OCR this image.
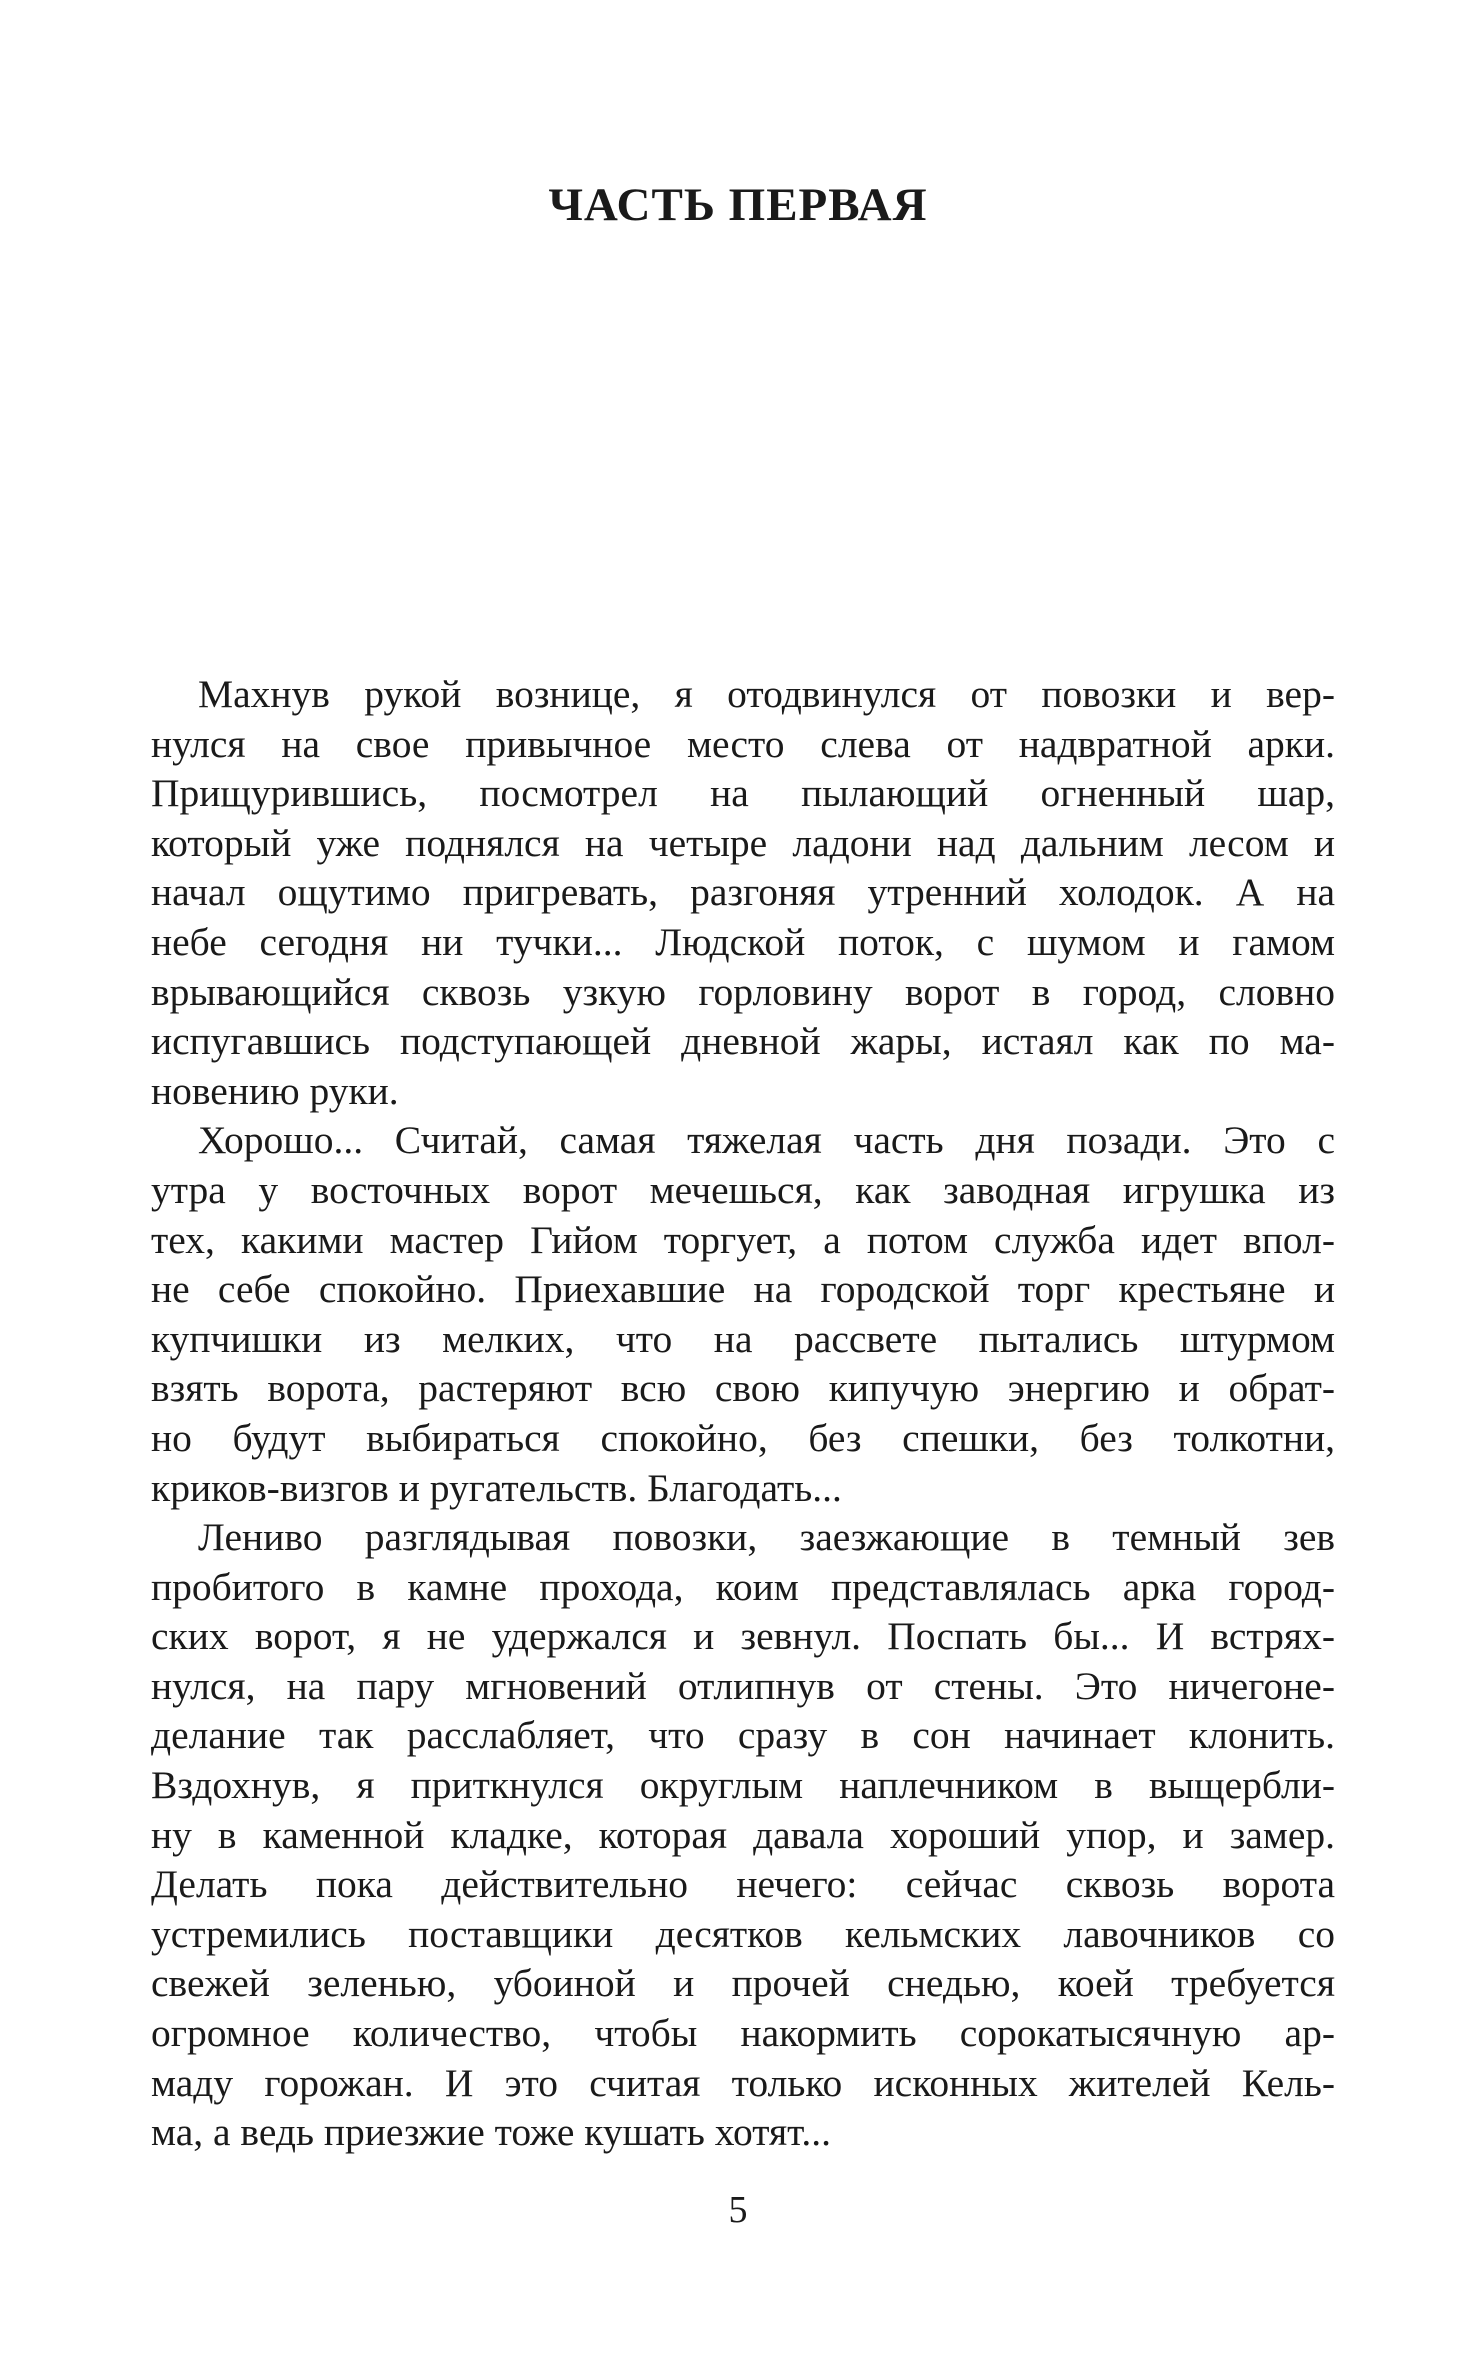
ЧАСТЬ ПЕРВАЯ
Махнув рукой вознице, я отодвинулся от повозки и вер-
нулся на свое привычное место слева от надвратной арки.
Прищурившись, посмотрел на пылающий огненный шар,
который уже поднялся на четыре ладони над дальним лесом и
начал ощутимо пригревать, разгоняя утренний холодок. А на
небе сегодня ни тучки... Людской поток, с шумом и гамом
врывающийся сквозь узкую горловину ворот в город, словно
испугавшись подступающей дневной жары, истаял как по ма-
новению руки.
Хорошо... Считай, самая тяжелая часть дня позади. Это с
утра у восточных ворот мечешься, как заводная игрушка из
тех, какими мастер Гийом торгует, а потом служба идет впол-
не себе спокойно. Приехавшие на городской торг крестьяне и
купчишки из мелких, что на рассвете пытались штурмом
взять ворота, растеряют всю свою кипучую энергию и обрат-
но будут выбираться спокойно, без спешки, без толкотни,
криков-визгов и ругательств. Благодать...
Лениво разглядывая повозки, заезжающие в темный зев
пробитого в камне прохода, коим представлялась арка город-
ских ворот, я не удержался и зевнул. Поспать бы... И встрях-
нулся, на пару мгновений отлипнув от стены. Это ничегоне-
делание так расслабляет, что сразу в сон начинает клонить.
Вздохнув, я приткнулся округлым наплечником в выщербли-
ну в каменной кладке, которая давала хороший упор, и замер.
Делать пока действительно нечего: сейчас сквозь ворота
устремились поставщики десятков кельмских лавочников со
свежей зеленью, убоиной и прочей снедью, коей требуется
огромное количество, чтобы накормить сорокатысячную ар-
маду горожан. И это считая только исконных жителей Кель-
ма, а ведь приезжие тоже кушать хотят...

5
